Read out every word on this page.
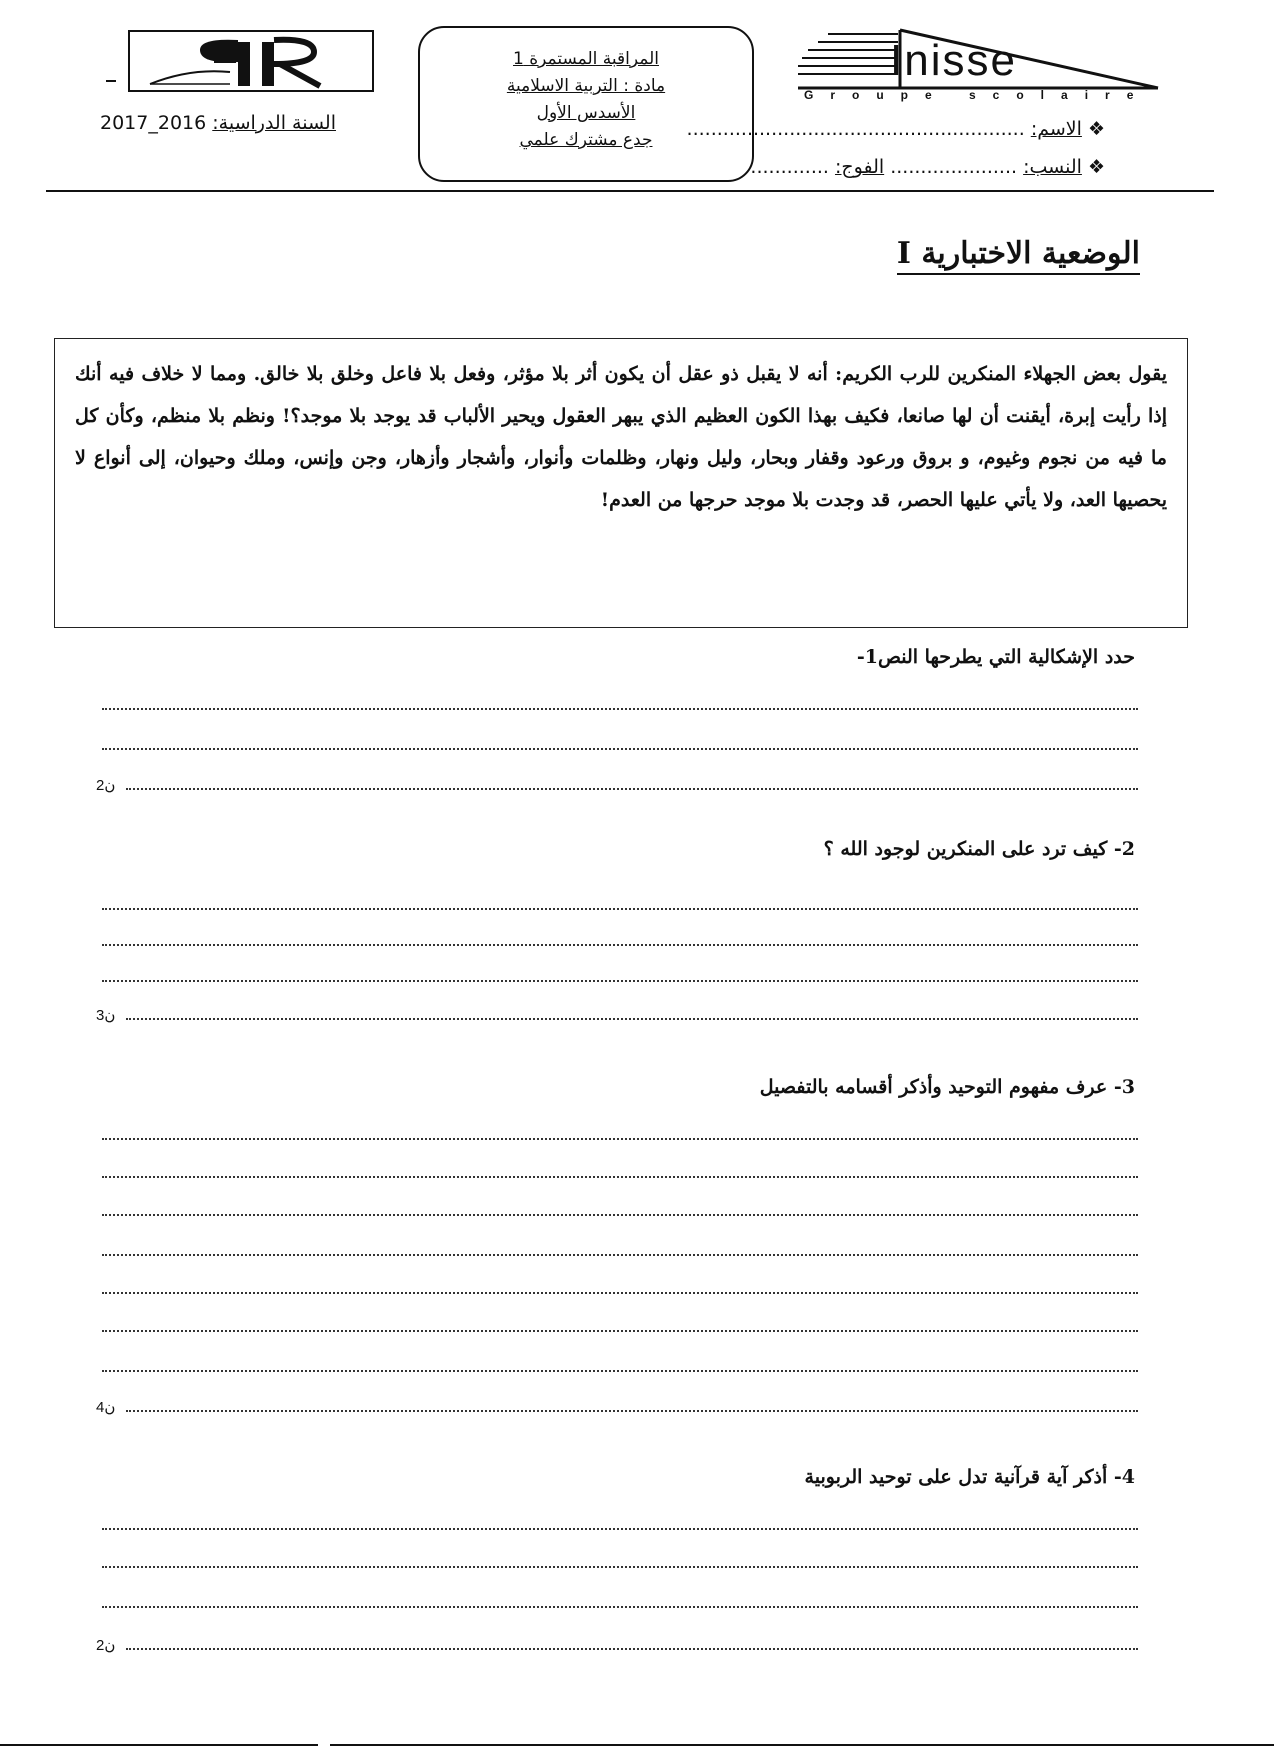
السنة الدراسية: 2016_2017
المراقبة المستمرة 1
مادة : التربية الاسلامية
الأسدس الأول
جدع مشترك علمي
Inisse
Groupe scolaire
❖ الاسم: ........................................................
❖ النسب: ..................... الفوج: .............
الوضعية الاختبارية I
يقول بعض الجهلاء المنكرين للرب الكريم: أنه لا يقبل ذو عقل أن يكون أثر بلا مؤثر، وفعل بلا فاعل وخلق بلا خالق. ومما لا خلاف فيه أنك إذا رأيت إبرة، أيقنت أن لها صانعا، فكيف بهذا الكون العظيم الذي يبهر العقول ويحير الألباب قد يوجد بلا موجد؟! ونظم بلا منظم، وكأن كل ما فيه من نجوم وغيوم، و بروق ورعود وقفار وبحار، وليل ونهار، وظلمات وأنوار، وأشجار وأزهار، وجن وإنس، وملك وحيوان، إلى أنواع لا يحصيها العد، ولا يأتي عليها الحصر، قد وجدت بلا موجد حرجها من العدم!
حدد الإشكالية التي يطرحها النص1-
2ن
2- كيف ترد على المنكرين لوجود الله ؟
3ن
3- عرف مفهوم التوحيد وأذكر أقسامه بالتفصيل
4ن
4- أذكر آية قرآنية تدل على توحيد الربوبية
2ن
